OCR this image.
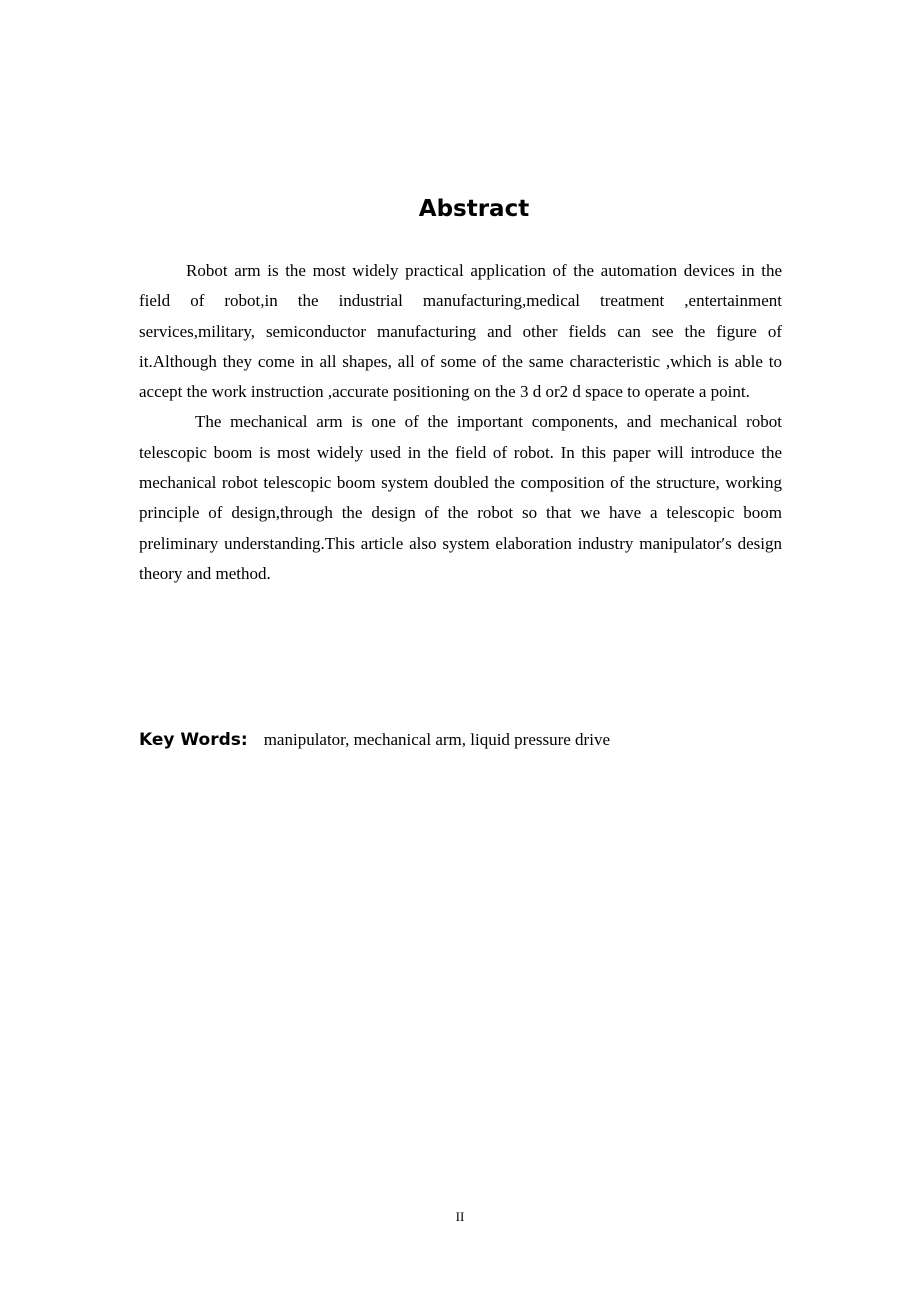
Abstract

Robot arm is the most widely practical application of the automation devices in the field of robot,in the industrial manufacturing,medical treatment ,entertainment services,military, semiconductor manufacturing and other fields can see the figure of it.Although they come in all shapes, all of some of the same characteristic ,which is able to accept the work instruction ,accurate positioning on the 3 d or2 d space to operate a point.

The mechanical arm is one of the important components, and mechanical robot telescopic boom is most widely used in the field of robot. In this paper will introduce the mechanical robot telescopic boom system doubled the composition of the structure, working principle of design,through the design of the robot so that we have a telescopic boom preliminary understanding.This article also system elaboration industry manipulator′s design theory and method.

Key Words: manipulator, mechanical arm, liquid pressure drive
II
